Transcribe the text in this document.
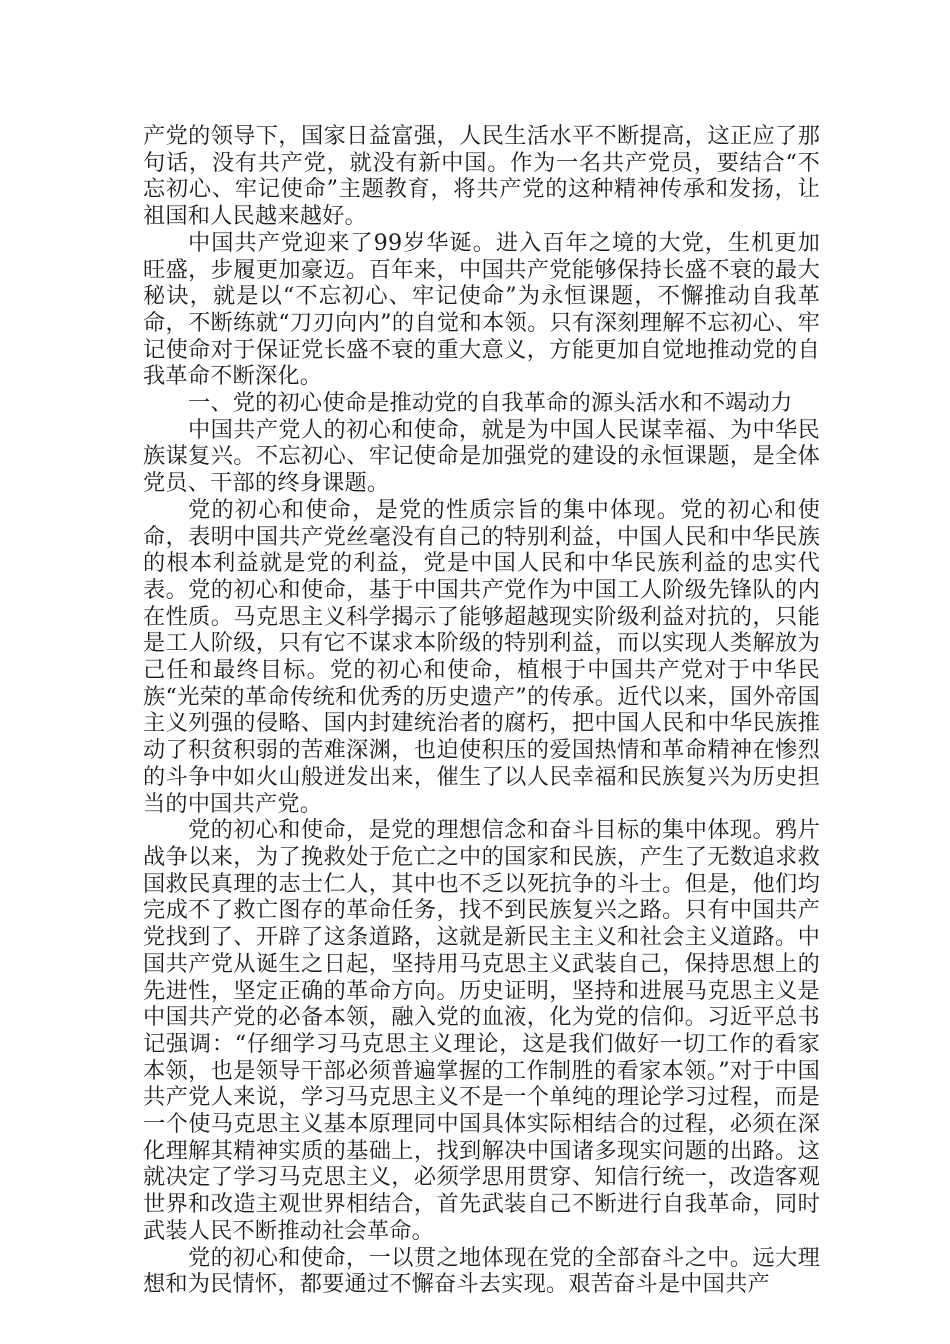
产党的领导下，国家日益富强，人民生活水平不断提高，这正应了那句话，没有共产党，就没有新中国。作为一名共产党员，要结合“不忘初心、牢记使命”主题教育，将共产党的这种精神传承和发扬，让祖国和人民越来越好。

中国共产党迎来了99岁华诞。进入百年之境的大党，生机更加旺盛，步履更加豪迈。百年来，中国共产党能够保持长盛不衰的最大秘诀，就是以“不忘初心、牢记使命”为永恒课题，不懈推动自我革命，不断练就“刀刃向内”的自觉和本领。只有深刻理解不忘初心、牢记使命对于保证党长盛不衰的重大意义，方能更加自觉地推动党的自我革命不断深化。

一、党的初心使命是推动党的自我革命的源头活水和不竭动力

中国共产党人的初心和使命，就是为中国人民谋幸福、为中华民族谋复兴。不忘初心、牢记使命是加强党的建设的永恒课题，是全体党员、干部的终身课题。

党的初心和使命，是党的性质宗旨的集中体现。党的初心和使命，表明中国共产党丝毫没有自己的特别利益，中国人民和中华民族的根本利益就是党的利益，党是中国人民和中华民族利益的忠实代表。党的初心和使命，基于中国共产党作为中国工人阶级先锋队的内在性质。马克思主义科学揭示了能够超越现实阶级利益对抗的，只能是工人阶级，只有它不谋求本阶级的特别利益，而以实现人类解放为己任和最终目标。党的初心和使命，植根于中国共产党对于中华民族“光荣的革命传统和优秀的历史遗产”的传承。近代以来，国外帝国主义列强的侵略、国内封建统治者的腐朽，把中国人民和中华民族推动了积贫积弱的苦难深渊，也迫使积压的爱国热情和革命精神在惨烈的斗争中如火山般迸发出来，催生了以人民幸福和民族复兴为历史担当的中国共产党。

党的初心和使命，是党的理想信念和奋斗目标的集中体现。鸦片战争以来，为了挽救处于危亡之中的国家和民族，产生了无数追求救国救民真理的志士仁人，其中也不乏以死抗争的斗士。但是，他们均完成不了救亡图存的革命任务，找不到民族复兴之路。只有中国共产党找到了、开辟了这条道路，这就是新民主主义和社会主义道路。中国共产党从诞生之日起，坚持用马克思主义武装自己，保持思想上的先进性，坚定正确的革命方向。历史证明，坚持和进展马克思主义是中国共产党的必备本领，融入党的血液，化为党的信仰。习近平总书记强调：“仔细学习马克思主义理论，这是我们做好一切工作的看家本领，也是领导干部必须普遍掌握的工作制胜的看家本领。”对于中国共产党人来说，学习马克思主义不是一个单纯的理论学习过程，而是一个使马克思主义基本原理同中国具体实际相结合的过程，必须在深化理解其精神实质的基础上，找到解决中国诸多现实问题的出路。这就决定了学习马克思主义，必须学思用贯穿、知信行统一，改造客观世界和改造主观世界相结合，首先武装自己不断进行自我革命，同时武装人民不断推动社会革命。

党的初心和使命，一以贯之地体现在党的全部奋斗之中。远大理想和为民情怀，都要通过不懈奋斗去实现。艰苦奋斗是中国共产
